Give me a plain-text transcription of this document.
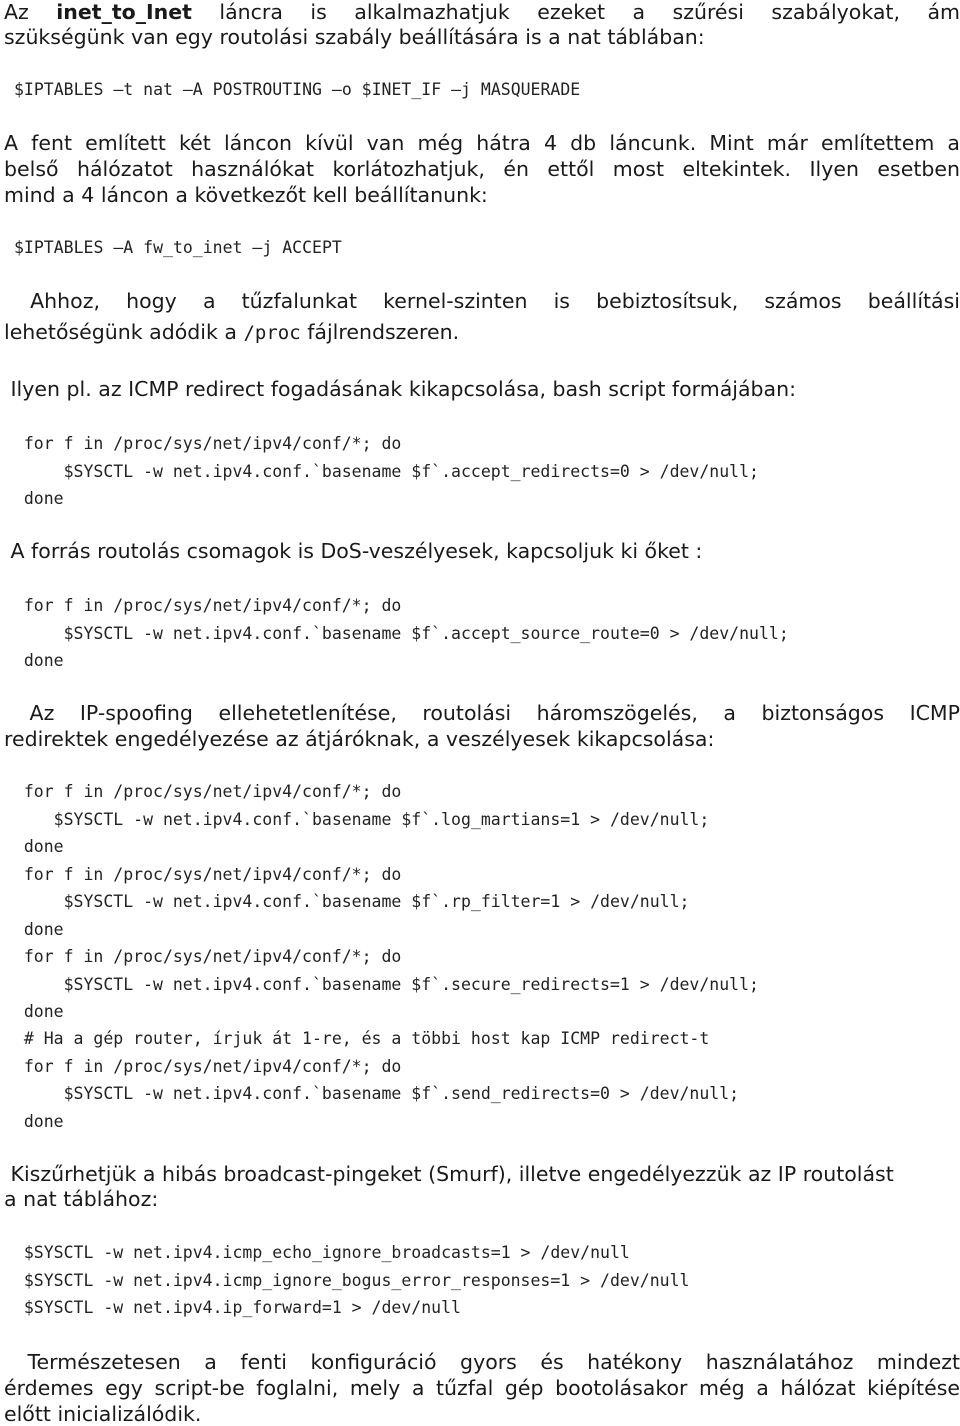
Az inet_to_Inet láncra is alkalmazhatjuk ezeket a szűrési szabályokat, ám
szükségünk van egy routolási szabály beállítására is a nat táblában:
$IPTABLES –t nat –A POSTROUTING –o $INET_IF –j MASQUERADE
A fent említett két láncon kívül van még hátra 4 db láncunk. Mint már említettem a
belső hálózatot használókat korlátozhatjuk, én ettől most eltekintek. Ilyen esetben
mind a 4 láncon a következőt kell beállítanunk:
$IPTABLES –A fw_to_inet –j ACCEPT
Ahhoz, hogy a tűzfalunkat kernel-szinten is bebiztosítsuk, számos beállítási
lehetőségünk adódik a /proc fájlrendszeren.
Ilyen pl. az ICMP redirect fogadásának kikapcsolása, bash script formájában:
for f in /proc/sys/net/ipv4/conf/*; do
$SYSCTL -w net.ipv4.conf.`basename $f`.accept_redirects=0 > /dev/null;
done
A forrás routolás csomagok is DoS-veszélyesek, kapcsoljuk ki őket :
for f in /proc/sys/net/ipv4/conf/*; do
$SYSCTL -w net.ipv4.conf.`basename $f`.accept_source_route=0 > /dev/null;
done
Az IP-spoofing ellehetetlenítése, routolási háromszögelés, a biztonságos ICMP
redirektek engedélyezése az átjáróknak, a veszélyesek kikapcsolása:
for f in /proc/sys/net/ipv4/conf/*; do
$SYSCTL -w net.ipv4.conf.`basename $f`.log_martians=1 > /dev/null;
done
for f in /proc/sys/net/ipv4/conf/*; do
$SYSCTL -w net.ipv4.conf.`basename $f`.rp_filter=1 > /dev/null;
done
for f in /proc/sys/net/ipv4/conf/*; do
$SYSCTL -w net.ipv4.conf.`basename $f`.secure_redirects=1 > /dev/null;
done
# Ha a gép router, írjuk át 1-re, és a többi host kap ICMP redirect-t
for f in /proc/sys/net/ipv4/conf/*; do
$SYSCTL -w net.ipv4.conf.`basename $f`.send_redirects=0 > /dev/null;
done
Kiszűrhetjük a hibás broadcast-pingeket (Smurf), illetve engedélyezzük az IP routolást
a nat táblához:
$SYSCTL -w net.ipv4.icmp_echo_ignore_broadcasts=1 > /dev/null
$SYSCTL -w net.ipv4.icmp_ignore_bogus_error_responses=1 > /dev/null
$SYSCTL -w net.ipv4.ip_forward=1 > /dev/null
Természetesen a fenti konfiguráció gyors és hatékony használatához mindezt
érdemes egy script-be foglalni, mely a tűzfal gép bootolásakor még a hálózat kiépítése
előtt inicializálódik.
